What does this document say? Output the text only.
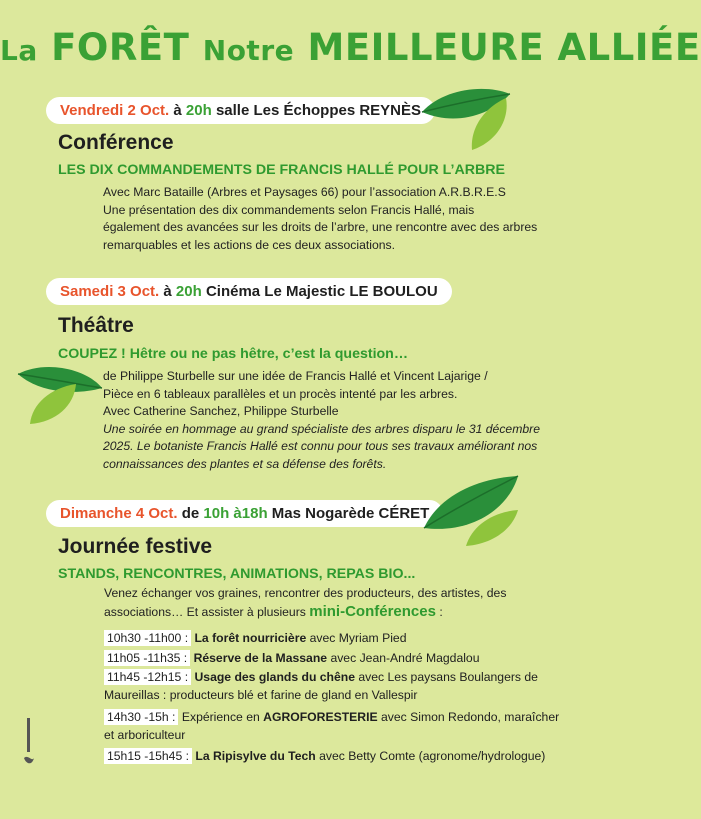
La FORÊT Notre MEILLEURE ALLIÉE
Vendredi 2 Oct. à 20h salle Les Échoppes REYNÈS
Conférence
LES DIX COMMANDEMENTS DE FRANCIS HALLÉ POUR L’ARBRE
Avec Marc Bataille (Arbres et Paysages 66) pour l’association A.R.B.R.E.S
Une présentation des dix commandements selon Francis Hallé, mais
également des avancées sur les droits de l’arbre, une rencontre avec des arbres
remarquables et les actions de ces deux associations.
Samedi 3 Oct. à 20h Cinéma Le Majestic LE BOULOU
Théâtre
COUPEZ ! Hêtre ou ne pas hêtre, c’est la question…
de Philippe Sturbelle sur une idée de Francis Hallé et Vincent Lajarige /
Pièce en 6 tableaux parallèles et un procès intenté par les arbres.
Avec Catherine Sanchez, Philippe Sturbelle
Une soirée en hommage au grand spécialiste des arbres disparu le 31 décembre
2025. Le botaniste Francis Hallé est connu pour tous ses travaux améliorant nos
connaissances des plantes et sa défense des forêts.
Dimanche 4 Oct. de 10h à18h Mas Nogarède CÉRET
Journée festive
STANDS, RENCONTRES, ANIMATIONS, REPAS BIO...
Venez échanger vos graines, rencontrer des producteurs, des artistes, des
associations… Et assister à plusieurs mini-Conférences :
10h30 -11h00 : La forêt nourricière avec Myriam Pied
11h05 -11h35 : Réserve de la Massane avec Jean-André Magdalou
11h45 -12h15 : Usage des glands du chêne avec Les paysans Boulangers de
Maureillas : producteurs blé et farine de gland en Vallespir
14h30 -15h : Expérience en AGROFORESTERIE avec Simon Redondo, maraîcher
et arboriculteur
15h15 -15h45 : La Ripisylve du Tech avec Betty Comte (agronome/hydrologue)
